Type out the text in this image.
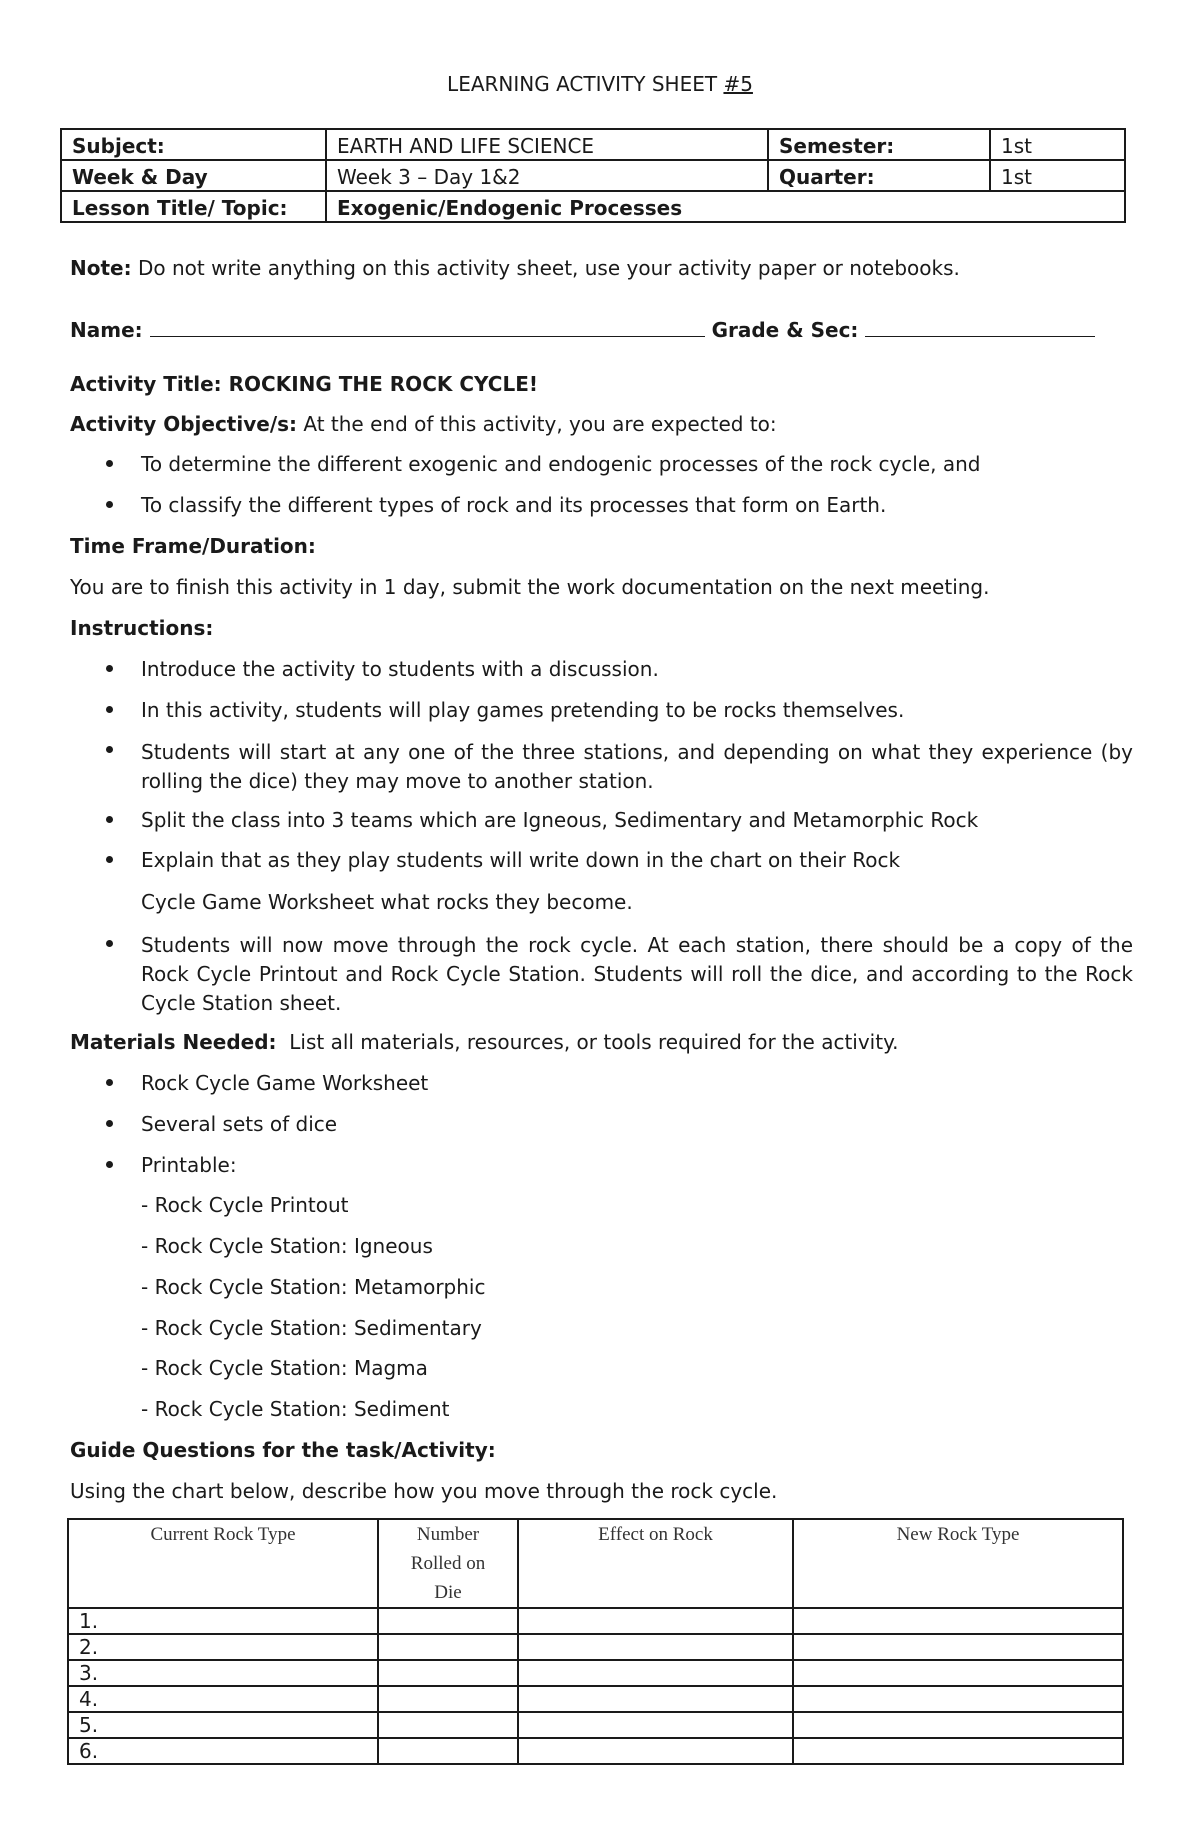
LEARNING ACTIVITY SHEET #5
Subject:	EARTH AND LIFE SCIENCE	Semester:	1st
Week & Day	Week 3 – Day 1&2	Quarter:	1st
Lesson Title/ Topic:	Exogenic/Endogenic Processes		
Note: Do not write anything on this activity sheet, use your activity paper or notebooks.
Name:	Grade & Sec:
Activity Title: ROCKING THE ROCK CYCLE!
Activity Objective/s: At the end of this activity, you are expected to:
To determine the different exogenic and endogenic processes of the rock cycle, and
To classify the different types of rock and its processes that form on Earth.
Time Frame/Duration:
You are to finish this activity in 1 day, submit the work documentation on the next meeting.
Instructions:
Introduce the activity to students with a discussion.
In this activity, students will play games pretending to be rocks themselves.
Students will start at any one of the three stations, and depending on what they experience (by rolling the dice) they may move to another station.
Split the class into 3 teams which are Igneous, Sedimentary and Metamorphic Rock
Explain that as they play students will write down in the chart on their Rock
Cycle Game Worksheet what rocks they become.
Students will now move through the rock cycle. At each station, there should be a copy of the Rock Cycle Printout and Rock Cycle Station. Students will roll the dice, and according to the Rock Cycle Station sheet.
Materials Needed:  List all materials, resources, or tools required for the activity.
Rock Cycle Game Worksheet
Several sets of dice
Printable:
- Rock Cycle Printout
- Rock Cycle Station: Igneous
- Rock Cycle Station: Metamorphic
- Rock Cycle Station: Sedimentary
- Rock Cycle Station: Magma
- Rock Cycle Station: Sediment
Guide Questions for the task/Activity:
Using the chart below, describe how you move through the rock cycle.
Current Rock Type	Number Rolled on Die	Effect on Rock	New Rock Type
1.			
2.			
3.			
4.			
5.			
6.			
